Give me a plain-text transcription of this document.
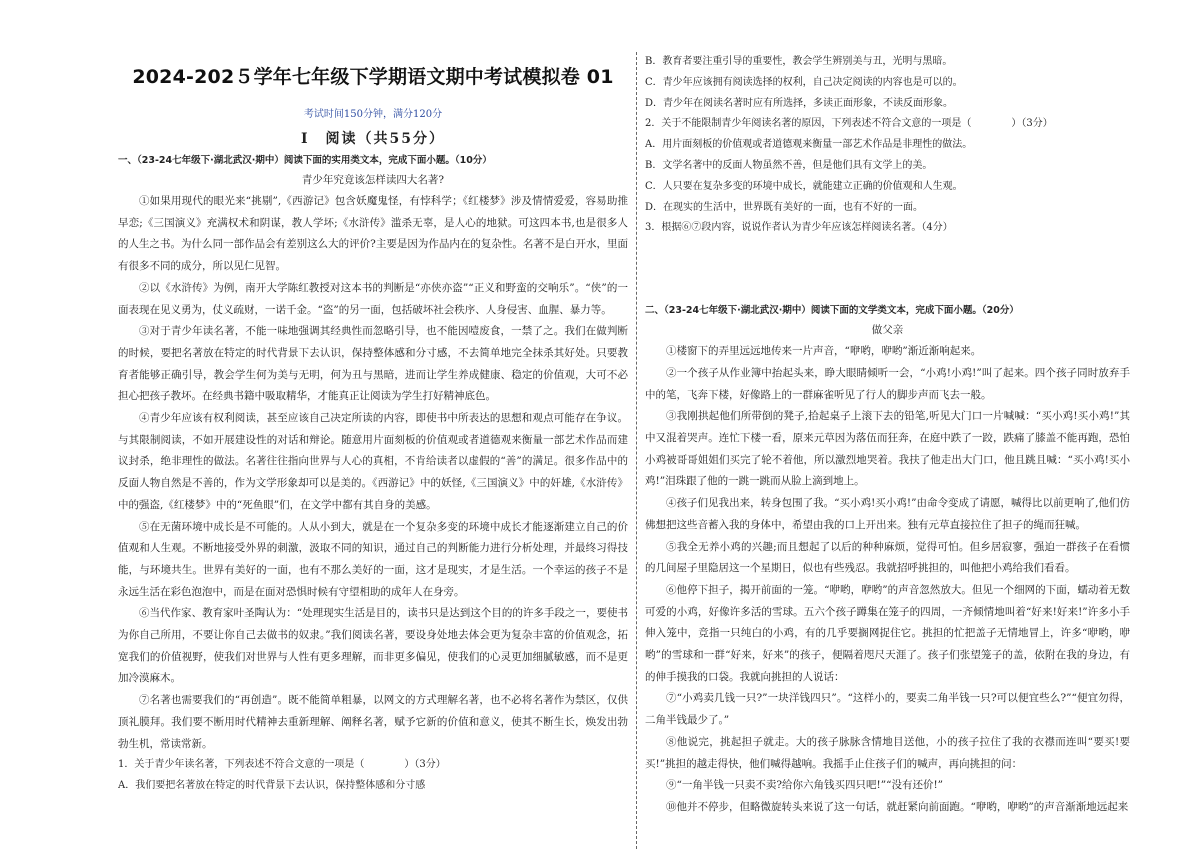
2024-202５学年七年级下学期语文期中考试模拟卷 01
考试时间150分钟，满分120分
Ⅰ　阅读（共55分）
一、（23-24七年级下·湖北武汉·期中）阅读下面的实用类文本，完成下面小题。（10分）
青少年究竟该怎样读四大名著?

①如果用现代的眼光来“挑剔”,《西游记》包含妖魔鬼怪，有悖科学；《红楼梦》涉及情情爱爱，容易助推早恋;《三国演义》充满权术和阴谋，教人学坏;《水浒传》滥杀无辜，是人心的地狱。可这四本书,也是很多人的人生之书。为什么同一部作品会有差别这么大的评价?主要是因为作品内在的复杂性。名著不是白开水，里面有很多不同的成分，所以见仁见智。

②以《水浒传》为例，南开大学陈红教授对这本书的判断是“亦侠亦盗”“正义和野蛮的交响乐”。“侠”的一面表现在见义勇为，仗义疏财，一诺千金。“盗”的另一面，包括破坏社会秩序、人身侵害、血腥、暴力等。

③对于青少年读名著，不能一味地强调其经典性而忽略引导，也不能因噎废食，一禁了之。我们在做判断的时候，要把名著放在特定的时代背景下去认识，保持整体感和分寸感，不去简单地完全抹杀其好处。只要教育者能够正确引导，教会学生何为美与无明，何为丑与黑暗，进而让学生养成健康、稳定的价值观，大可不必担心把孩子教坏。在经典书籍中吸取精华，才能真正让阅读为学生打好精神底色。

④青少年应该有权利阅读，甚至应该自己决定所读的内容，即使书中所表达的思想和观点可能存在争议。与其限制阅读，不如开展建设性的对话和辩论。随意用片面刻板的价值观或者道德观来衡量一部艺术作品而建议封杀，绝非理性的做法。名著往往指向世界与人心的真相，不肯给读者以虚假的“善”的满足。很多作品中的反面人物自然是不善的，作为文学形象却可以是美的。《西游记》中的妖怪,《三国演义》中的奸雄,《水浒传》中的强盗,《红楼梦》中的“死鱼眼”们，在文学中都有其自身的美感。

⑤在无菌环境中成长是不可能的。人从小到大，就是在一个复杂多变的环境中成长才能逐渐建立自己的价值观和人生观。不断地接受外界的刺激，汲取不同的知识，通过自己的判断能力进行分析处理，并最终习得技能，与环境共生。世界有美好的一面，也有不那么美好的一面，这才是现实，才是生活。一个幸运的孩子不是永远生活在彩色泡泡中，而是在面对恐惧时候有守望相助的成年人在身旁。

⑥当代作家、教育家叶圣陶认为：“处理现实生活是目的，读书只是达到这个目的的许多手段之一，要使书为你自己所用，不要让你自己去做书的奴隶。”我们阅读名著，要设身处地去体会更为复杂丰富的价值观念，拓宽我们的价值视野，使我们对世界与人性有更多理解，而非更多偏见，使我们的心灵更加细腻敏感，而不是更加冷漠麻木。

⑦名著也需要我们的“再创造”。既不能简单粗暴，以网文的方式理解名著，也不必将名著作为禁区，仅供顶礼膜拜。我们要不断用时代精神去重新理解、阐释名著，赋予它新的价值和意义，使其不断生长，焕发出勃勃生机，常读常新。

1．关于青少年读名著，下列表述不符合文意的一项是（　　　　）（3分）
A．我们要把名著放在特定的时代背景下去认识，保持整体感和分寸感
B．教育者要注重引导的重要性，教会学生辨别美与丑，光明与黑暗。
C．青少年应该拥有阅读选择的权利，自己决定阅读的内容也是可以的。
D．青少年在阅读名著时应有所选择，多读正面形象，不读反面形象。
2．关于不能限制青少年阅读名著的原因，下列表述不符合文意的一项是（　　　　）（3分）
A．用片面刻板的价值观或者道德观来衡量一部艺术作品是非理性的做法。
B．文学名著中的反面人物虽然不善，但是他们具有文学上的美。
C．人只要在复杂多变的环境中成长，就能建立正确的价值观和人生观。
D．在现实的生活中，世界既有美好的一面，也有不好的一面。
3．根据⑥⑦段内容，说说作者认为青少年应该怎样阅读名著。（4分）
二、（23-24七年级下·湖北武汉·期中）阅读下面的文学类文本，完成下面小题。（20分）
做父亲

①楼窗下的弄里远远地传来一片声音，“咿哟，咿哟”渐近渐响起来。

②一个孩子从作业簿中抬起头来，睁大眼睛倾听一会，“小鸡!小鸡!”叫了起来。四个孩子同时放弃手中的笔，飞奔下楼，好像路上的一群麻雀听见了行人的脚步声而飞去一般。

③我刚拱起他们所带倒的凳子,拾起桌子上滚下去的铅笔,听见大门口一片喊喊：“买小鸡!买小鸡!”其中又混着哭声。连忙下楼一看，原来元草因为落伍而狂奔，在庭中跌了一跤，跌痛了膝盖不能再跑，恐怕小鸡被哥哥姐姐们买完了轮不着他，所以激烈地哭着。我扶了他走出大门口，他且跳且喊：“买小鸡!买小鸡!”泪珠跟了他的一跳一跳而从脸上滴到地上。

④孩子们见我出来，转身包围了我。“买小鸡!买小鸡!”由命令变成了请愿，喊得比以前更响了,他们仿佛想把这些音蓄入我的身体中，希望由我的口上开出来。独有元草直接拉住了担子的绳而狂喊。

⑤我全无养小鸡的兴趣;而且想起了以后的种种麻烦，觉得可怕。但乡居寂寥，强迫一群孩子在看惯的几间屋子里隐居这一个星期日，似也有些残忍。我就招呼挑担的，叫他把小鸡给我们看看。

⑥他停下担子，揭开前面的一笼。“咿哟，咿哟”的声音忽然放大。但见一个细网的下面，蠕动着无数可爱的小鸡，好像许多活的雪球。五六个孩子蹲集在笼子的四周，一齐倾情地叫着“好来!好来!”许多小手伸入笼中，竞指一只纯白的小鸡，有的几乎要搁网捉住它。挑担的忙把盖子无情地冒上，许多“咿哟，咿哟”的雪球和一群“好来，好来”的孩子，便隔着咫尺天涯了。孩子们张望笼子的盖，依附在我的身边，有的伸手摸我的口袋。我就向挑担的人说话：

⑦“小鸡卖几钱一只?”一块洋钱四只”。“这样小的，要卖二角半钱一只?可以便宜些么?”“便宜勿得，二角半钱最少了。”

⑧他说完，挑起担子就走。大的孩子脉脉含情地目送他，小的孩子拉住了我的衣襟而连叫“要买!要买!”挑担的越走得快，他们喊得越响。我摇手止住孩子们的喊声，再向挑担的问：

⑨“一角半钱一只卖不卖?给你六角钱买四只吧!”“没有还价!”

⑩他并不停步，但略微旋转头来说了这一句话，就赶紧向前面跑。“咿哟，咿哟”的声音渐渐地远起来
